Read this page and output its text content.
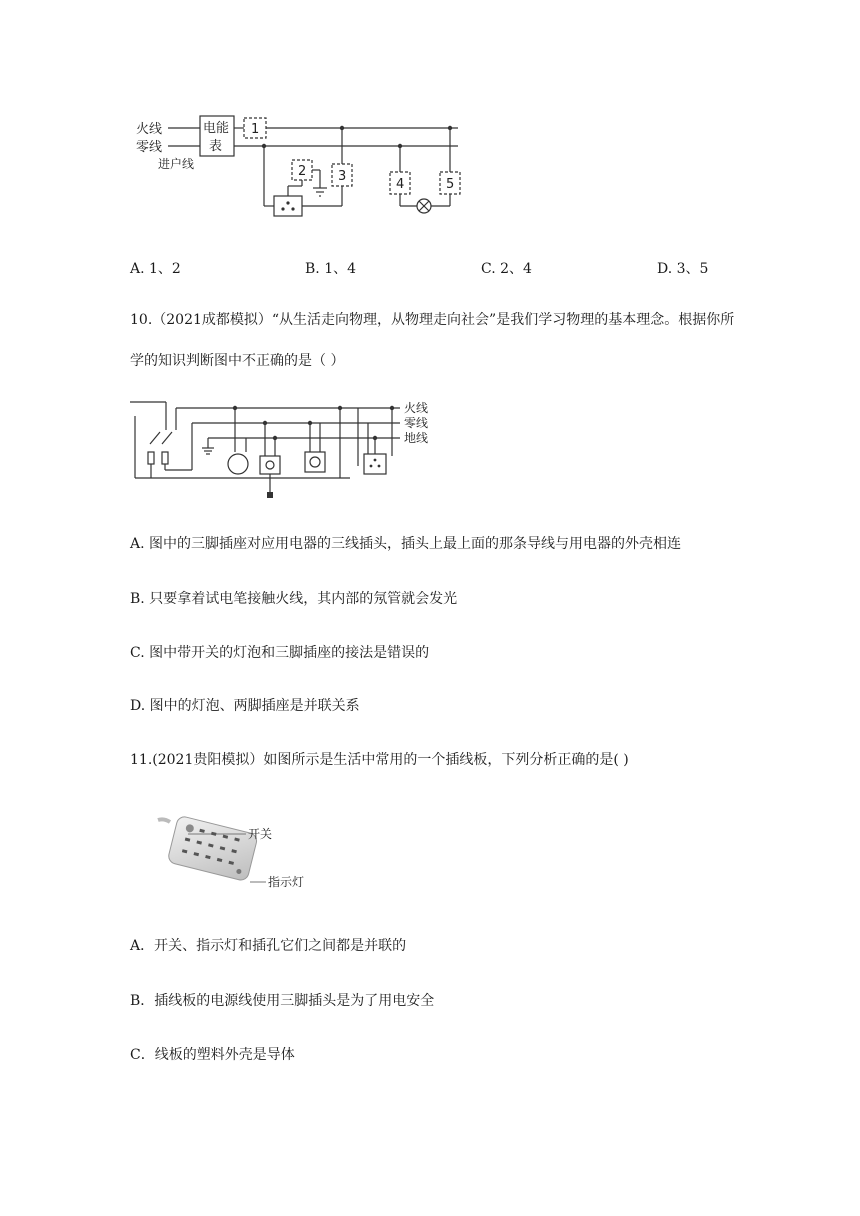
火线
零线
进户线
电能
表
1
2 3
4	5
A. 1、2	B. 1、4	C. 2、4	D. 3、5
10.（2021成都模拟）“从生活走向物理，从物理走向社会”是我们学习物理的基本理念。根据你所
学的知识判断图中不正确的是（ ）
火线
零线
地线
A. 图中的三脚插座对应用电器的三线插头，插头上最上面的那条导线与用电器的外壳相连
B. 只要拿着试电笔接触火线，其内部的氖管就会发光
C. 图中带开关的灯泡和三脚插座的接法是错误的
D. 图中的灯泡、两脚插座是并联关系
11.(2021贵阳模拟）如图所示是生活中常用的一个插线板，下列分析正确的是( )
开关
指示灯
A．开关、指示灯和插孔它们之间都是并联的
B．插线板的电源线使用三脚插头是为了用电安全
C．线板的塑料外壳是导体
